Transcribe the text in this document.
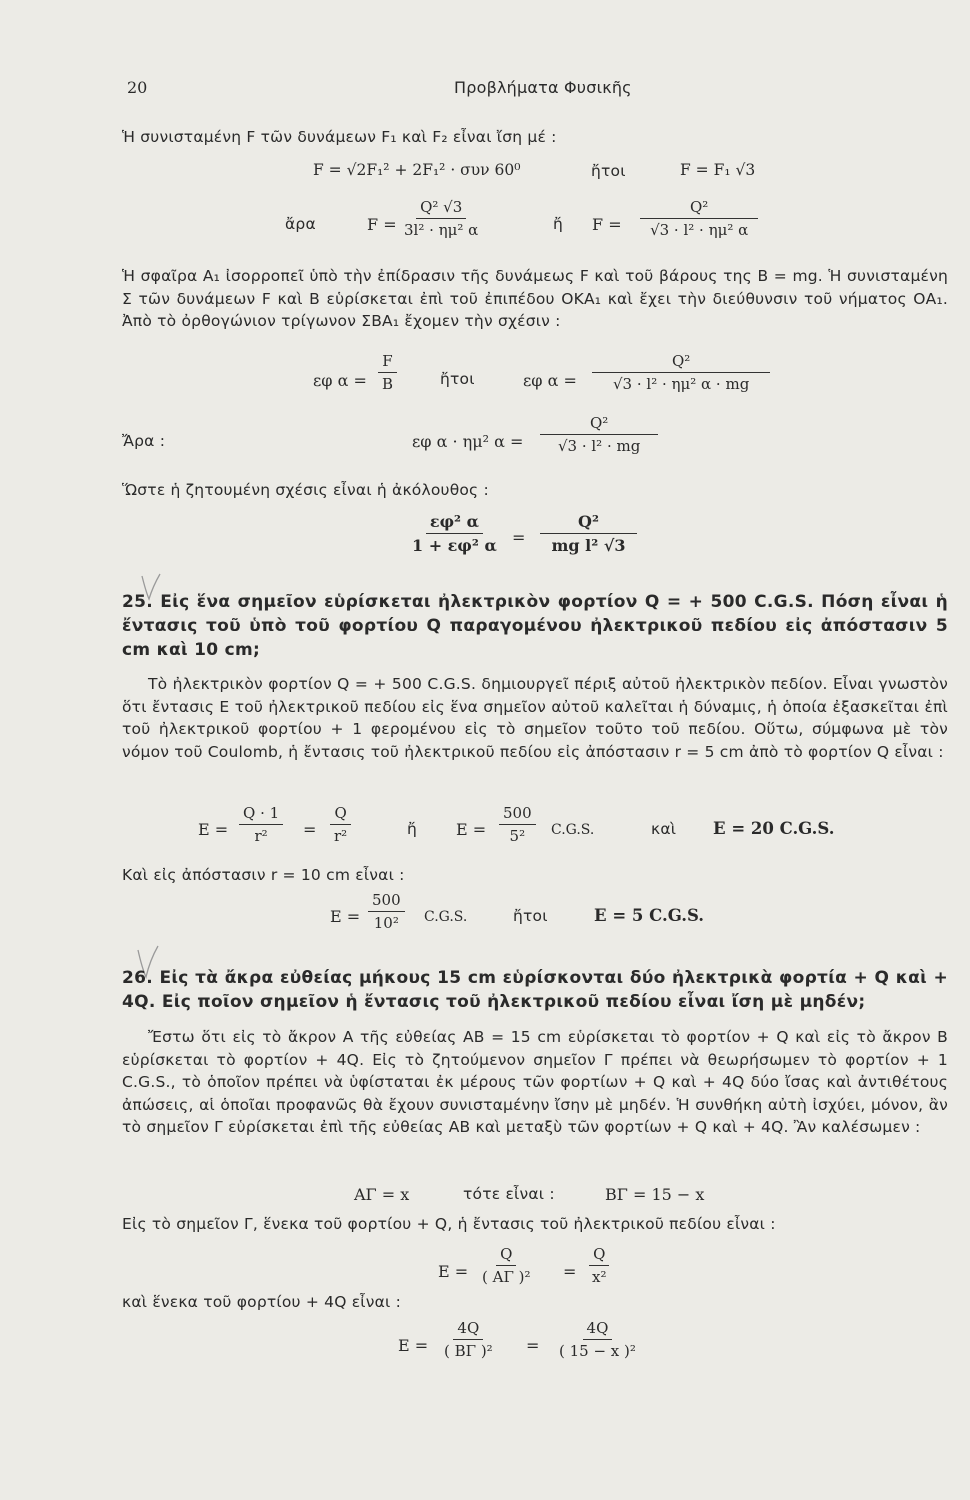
20	Προβλήματα Φυσικῆς
Ἡ συνισταμένη F τῶν δυνάμεων F₁ καὶ F₂ εἶναι ἴση μέ :
F = √2F₁² + 2F₁² · συν 60⁰	ἤτοι	F = F₁ √3
ἄρα	$F = \frac{\text{Q² √3}}{\text{3l² · ημ² α}}$	ἤ $F = \frac{\text{Q²}}{\text{√3 · l² · ημ² α}}$

Ἡ σφαῖρα A₁ ἰσορροπεῖ ὑπὸ τὴν ἐπίδρασιν τῆς δυνάμεως F καὶ τοῦ βάρους της B = mg. Ἡ συνισταμένη Σ τῶν δυνάμεων F καὶ B εὑρίσκεται ἐπὶ τοῦ ἐπιπέδου ΟΚΑ₁ καὶ ἔχει τὴν διεύθυνσιν τοῦ νήματος ΟΑ₁. Ἀπὸ τὸ ὀρθογώνιον τρίγωνον ΣΒΑ₁ ἔχομεν τὴν σχέσιν :

εφ $\alpha = \frac{F}{B}$	ἤτοι	εφ $\alpha = \frac{\text{Q²}}{\text{√3 · l² · ημ² α · mg}}$
Ἄρα :	εφ α · ημ² $\alpha = \frac{\text{Q²}}{\text{√3 · l² · mg}}$
Ὥστε ἡ ζητουμένη σχέσις εἶναι ἡ ἀκόλουθος :
$\frac{\text{εφ² α}}{\text{1 + εφ² α}} = \frac{\text{Q²}}{\text{mg l² √3}}$
25. Εἰς ἕνα σημεῖον εὑρίσκεται ἠλεκτρικὸν φορτίον Q = + 500 C.G.S. Πόση εἶναι ἡ ἔντασις τοῦ ὑπὸ τοῦ φορτίου Q παραγομένου ἠλεκτρικοῦ πεδίου εἰς ἀπόστασιν 5 cm καὶ 10 cm;

Τὸ ἠλεκτρικὸν φορτίον Q = + 500 C.G.S. δημιουργεῖ πέριξ αὐτοῦ ἠλεκτρικὸν πεδίον. Εἶναι γνωστὸν ὅτι ἔντασις E τοῦ ἠλεκτρικοῦ πεδίου εἰς ἕνα σημεῖον αὐτοῦ καλεῖται ἡ δύναμις, ἡ ὁποία ἐξασκεῖται ἐπὶ τοῦ ἠλεκτρικοῦ φορτίου + 1 φερομένου εἰς τὸ σημεῖον τοῦτο τοῦ πεδίου. Οὕτω, σύμφωνα μὲ τὸν νόμον τοῦ Coulomb, ἡ ἔντασις τοῦ ἠλεκτρικοῦ πεδίου εἰς ἀπόστασιν r = 5 cm ἀπὸ τὸ φορτίον Q εἶναι :

$E = \frac{Q \cdot 1}{\text{r²}} = \frac{Q}{\text{r²}}$	ἤ $E = \frac{500}{\text{5²}} C.G.S$.	καὶ E = 20 C.G.S.
Καὶ εἰς ἀπόστασιν r = 10 cm εἶναι :
$E = \frac{500}{\text{10²}} C.G.S$.	ἤτοι	E = 5 C.G.S.
26. Εἰς τὰ ἄκρα εὐθείας μήκους 15 cm εὑρίσκονται δύο ἠλεκτρικὰ φορτία + Q καὶ + 4Q. Εἰς ποῖον σημεῖον ἡ ἔντασις τοῦ ἠλεκτρικοῦ πεδίου εἶναι ἴση μὲ μηδέν;

Ἔστω ὅτι εἰς τὸ ἄκρον A τῆς εὐθείας AB = 15 cm εὑρίσκεται τὸ φορτίον + Q καὶ εἰς τὸ ἄκρον B εὑρίσκεται τὸ φορτίον + 4Q. Εἰς τὸ ζητούμενον σημεῖον Γ πρέπει νὰ θεωρήσωμεν τὸ φορτίον + 1 C.G.S., τὸ ὁποῖον πρέπει νὰ ὑφίσταται ἐκ μέρους τῶν φορτίων + Q καὶ + 4Q δύο ἴσας καὶ ἀντιθέτους ἀπώσεις, αἱ ὁποῖαι προφανῶς θὰ ἔχουν συνισταμένην ἴσην μὲ μηδέν. Ἡ συνθήκη αὐτὴ ἰσχύει, μόνον, ἂν τὸ σημεῖον Γ εὑρίσκεται ἐπὶ τῆς εὐθείας AB καὶ μεταξὺ τῶν φορτίων + Q καὶ + 4Q. Ἂν καλέσωμεν :

AΓ = x	τότε εἶναι :	BΓ = 15 − x
Εἰς τὸ σημεῖον Γ, ἕνεκα τοῦ φορτίου + Q, ἡ ἔντασις τοῦ ἠλεκτρικοῦ πεδίου εἶναι :
$E = \frac{Q}{\text{( AΓ )²}} = \frac{Q}{\text{x²}}$
καὶ ἕνεκα τοῦ φορτίου + 4Q εἶναι :
$E = \frac{4Q}{\text{( BΓ )²}} = \frac{4Q}{\text{( 15 − x )²}}$
